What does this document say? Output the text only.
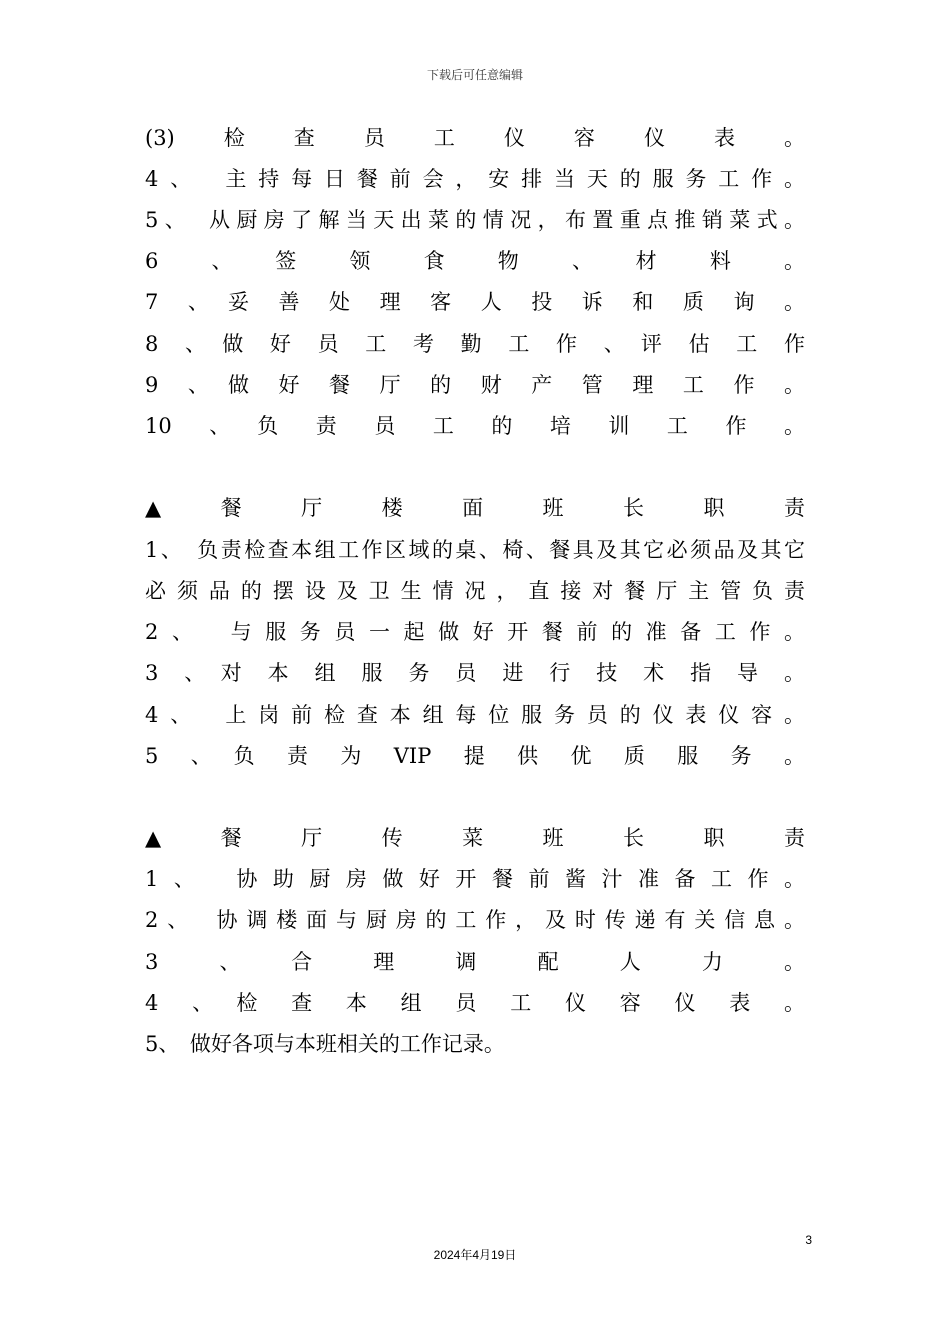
下载后可任意编辑
(3)　检　查　员　工　仪　容　仪　表　。
4、　主持每日餐前会，安排当天的服务工作。
5、　从厨房了解当天出菜的情况，布置重点推销菜式。
6　、　签　领　食　物　、　材　料　。
7　、　妥　善　处　理　客　人　投　诉　和　质　询　。
8　、　做　好　员　工　考　勤　工　作　、　评　估　工　作
9　、　做　好　餐　厅　的　财　产　管　理　工　作　。
10　、　负　责　员　工　的　培　训　工　作　。
▲　餐　厅　楼　面　班　长　职　责
1、　负责检查本组工作区域的桌、椅、餐具及其它必须品及其它
必须品的摆设及卫生情况，直接对餐厅主管负责
2、　与服务员一起做好开餐前的准备工作。
3　、　对　本　组　服　务　员　进　行　技　术　指　导　。
4、　上岗前检查本组每位服务员的仪表仪容。
5　、　负　责　为　VIP　提　供　优　质　服　务　。
▲　餐　厅　传　菜　班　长　职　责
1、　协助厨房做好开餐前酱汁准备工作。
2、　协调楼面与厨房的工作，及时传递有关信息。
3　、　合　理　调　配　人　力　。
4　、　检　查　本　组　员　工　仪　容　仪　表　。
5、　做好各项与本班相关的工作记录。
3
2024年4月19日
